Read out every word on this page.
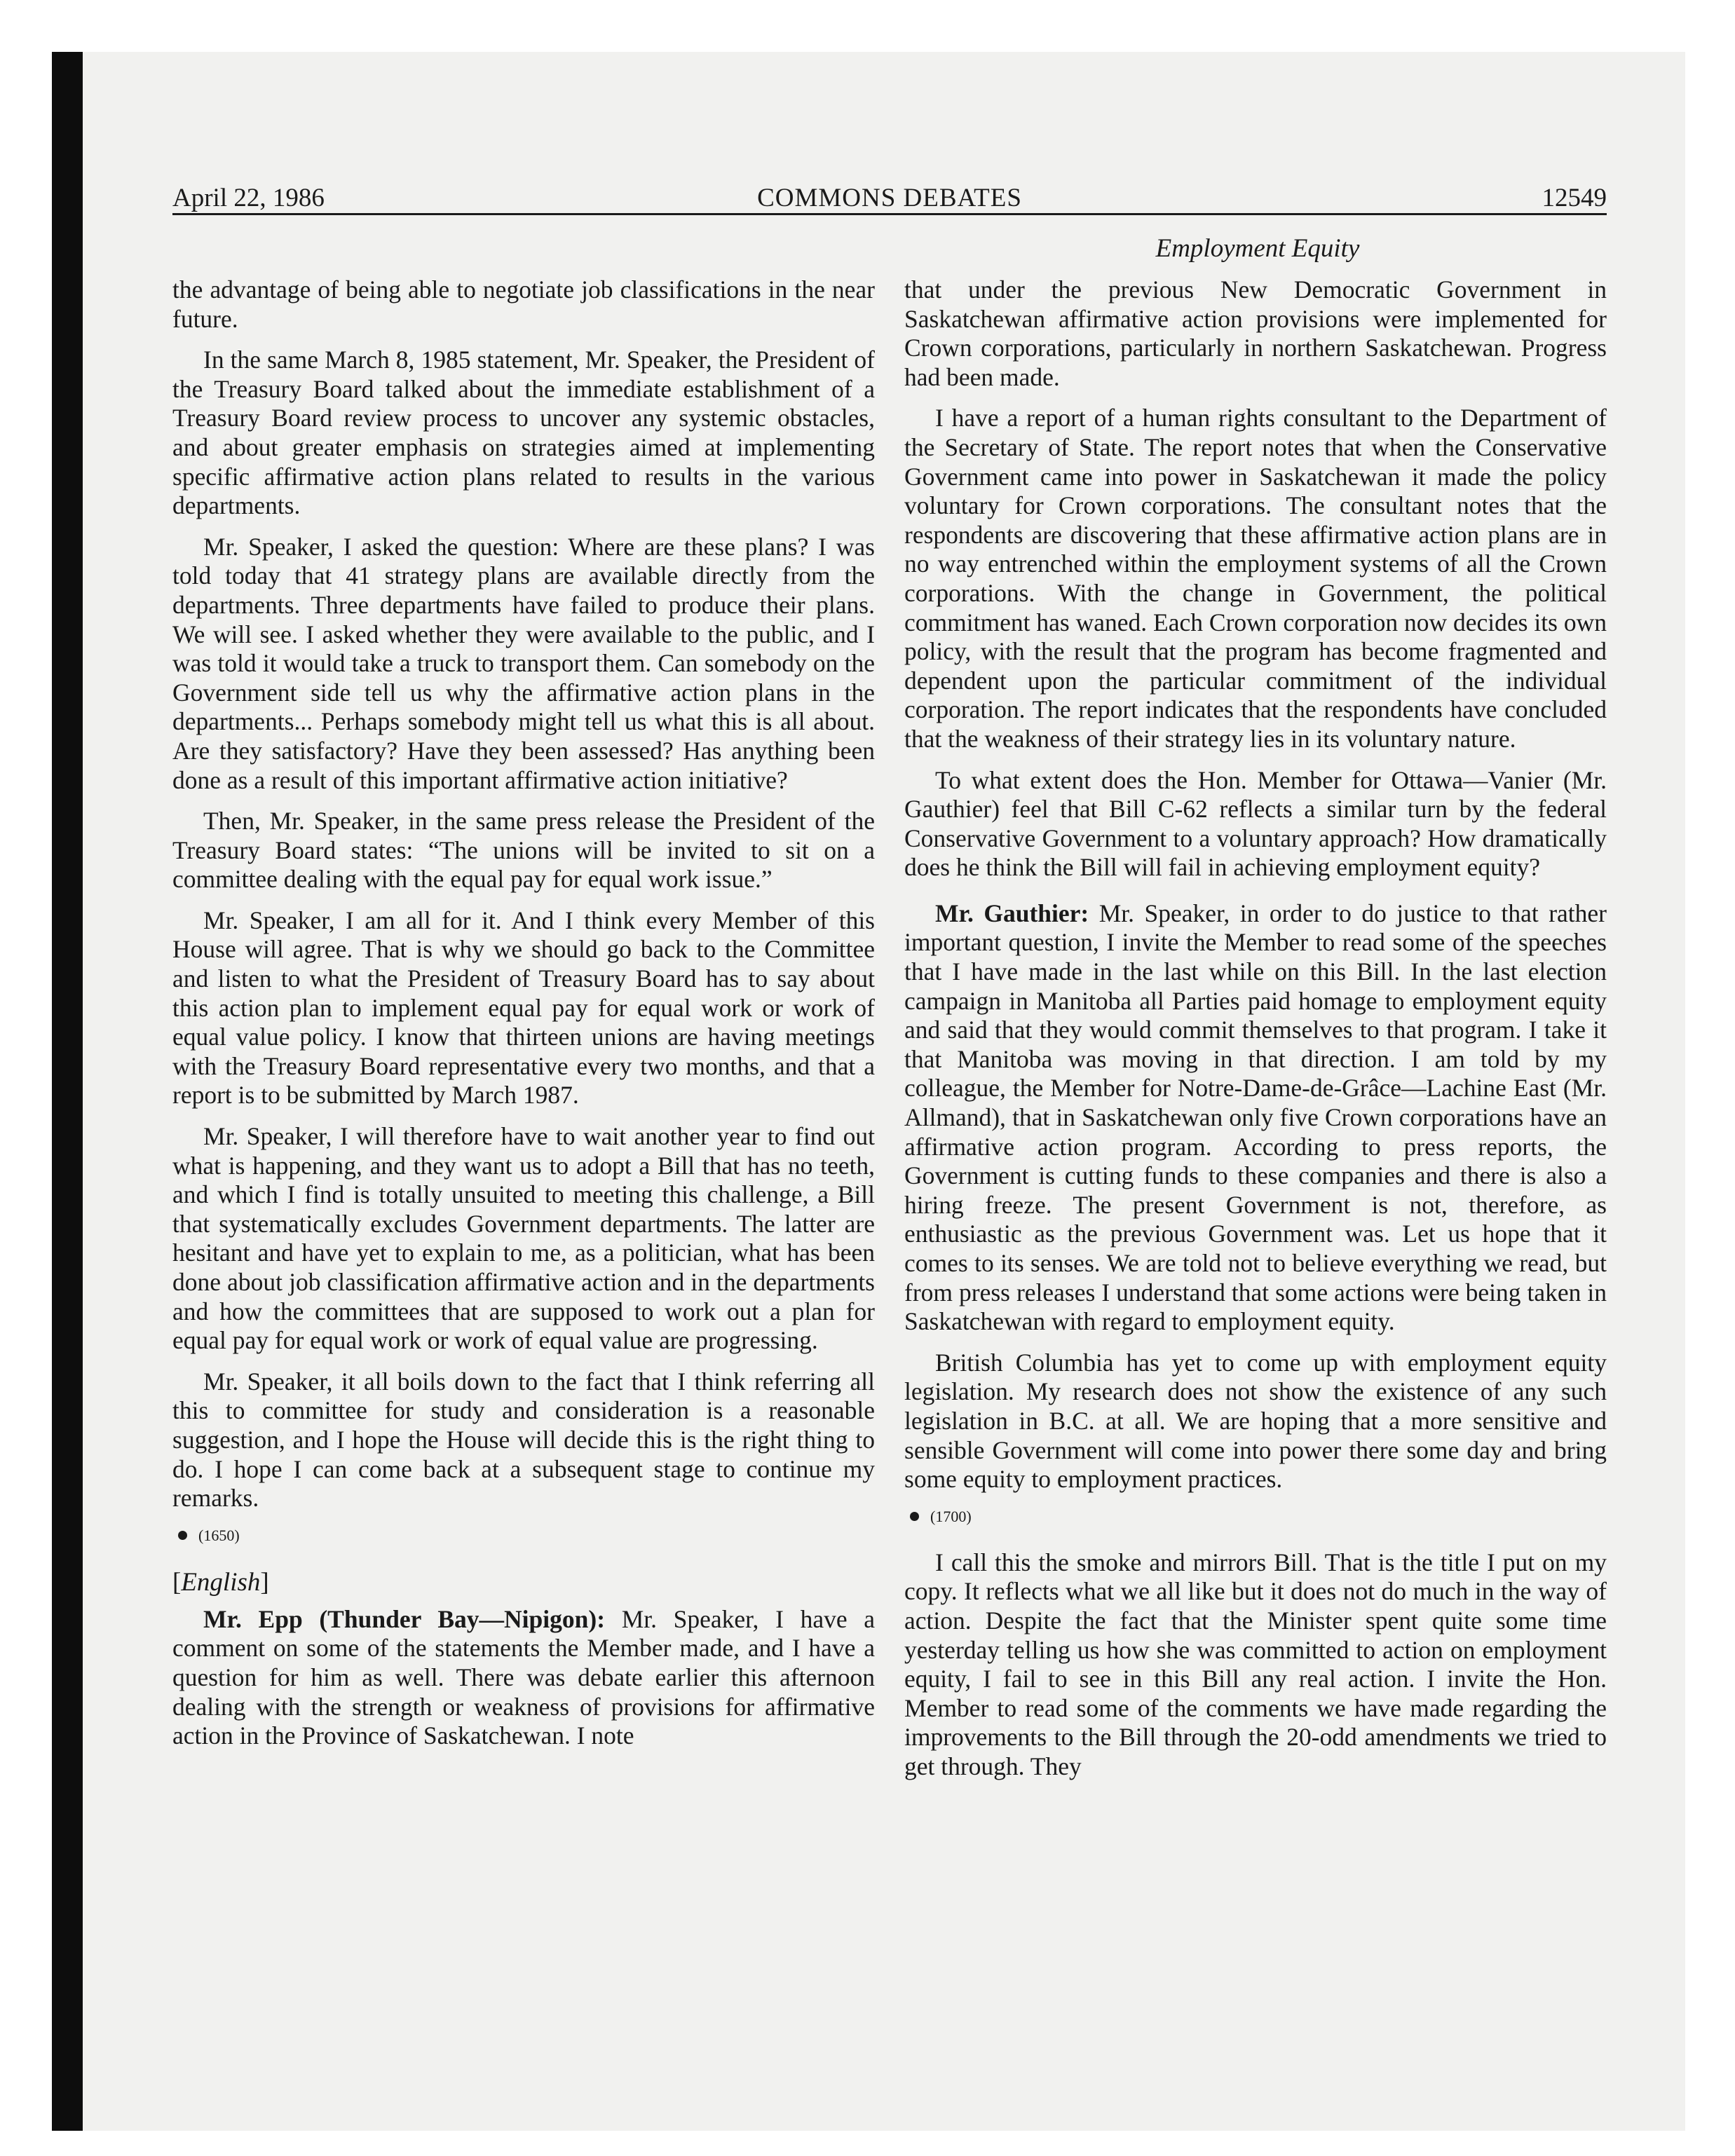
April 22, 1986	COMMONS DEBATES	12549
Employment Equity

the advantage of being able to negotiate job classifications in the near future.

In the same March 8, 1985 statement, Mr. Speaker, the President of the Treasury Board talked about the immediate establishment of a Treasury Board review process to uncover any systemic obstacles, and about greater emphasis on strategies aimed at implementing specific affirmative action plans related to results in the various departments.

Mr. Speaker, I asked the question: Where are these plans? I was told today that 41 strategy plans are available directly from the departments. Three departments have failed to produce their plans. We will see. I asked whether they were available to the public, and I was told it would take a truck to transport them. Can somebody on the Government side tell us why the affirmative action plans in the departments... Perhaps somebody might tell us what this is all about. Are they satisfactory? Have they been assessed? Has anything been done as a result of this important affirmative action initiative?

Then, Mr. Speaker, in the same press release the President of the Treasury Board states: “The unions will be invited to sit on a committee dealing with the equal pay for equal work issue.”

Mr. Speaker, I am all for it. And I think every Member of this House will agree. That is why we should go back to the Committee and listen to what the President of Treasury Board has to say about this action plan to implement equal pay for equal work or work of equal value policy. I know that thirteen unions are having meetings with the Treasury Board representative every two months, and that a report is to be submitted by March 1987.

Mr. Speaker, I will therefore have to wait another year to find out what is happening, and they want us to adopt a Bill that has no teeth, and which I find is totally unsuited to meeting this challenge, a Bill that systematically excludes Government departments. The latter are hesitant and have yet to explain to me, as a politician, what has been done about job classification affirmative action and in the departments and how the committees that are supposed to work out a plan for equal pay for equal work or work of equal value are progressing.

Mr. Speaker, it all boils down to the fact that I think referring all this to committee for study and consideration is a reasonable suggestion, and I hope the House will decide this is the right thing to do. I hope I can come back at a subsequent stage to continue my remarks.

(1650)
[English]

Mr. Epp (Thunder Bay—Nipigon): Mr. Speaker, I have a comment on some of the statements the Member made, and I have a question for him as well. There was debate earlier this afternoon dealing with the strength or weakness of provisions for affirmative action in the Province of Saskatchewan. I note

that under the previous New Democratic Government in Saskatchewan affirmative action provisions were implemented for Crown corporations, particularly in northern Saskatchewan. Progress had been made.

I have a report of a human rights consultant to the Department of the Secretary of State. The report notes that when the Conservative Government came into power in Saskatchewan it made the policy voluntary for Crown corporations. The consultant notes that the respondents are discovering that these affirmative action plans are in no way entrenched within the employment systems of all the Crown corporations. With the change in Government, the political commitment has waned. Each Crown corporation now decides its own policy, with the result that the program has become fragmented and dependent upon the particular commitment of the individual corporation. The report indicates that the respondents have concluded that the weakness of their strategy lies in its voluntary nature.

To what extent does the Hon. Member for Ottawa—Vanier (Mr. Gauthier) feel that Bill C-62 reflects a similar turn by the federal Conservative Government to a voluntary approach? How dramatically does he think the Bill will fail in achieving employment equity?

Mr. Gauthier: Mr. Speaker, in order to do justice to that rather important question, I invite the Member to read some of the speeches that I have made in the last while on this Bill. In the last election campaign in Manitoba all Parties paid homage to employment equity and said that they would commit themselves to that program. I take it that Manitoba was moving in that direction. I am told by my colleague, the Member for Notre-Dame-de-Grâce—Lachine East (Mr. Allmand), that in Saskatchewan only five Crown corporations have an affirmative action program. According to press reports, the Government is cutting funds to these companies and there is also a hiring freeze. The present Government is not, therefore, as enthusiastic as the previous Government was. Let us hope that it comes to its senses. We are told not to believe everything we read, but from press releases I understand that some actions were being taken in Saskatchewan with regard to employment equity.

British Columbia has yet to come up with employment equity legislation. My research does not show the existence of any such legislation in B.C. at all. We are hoping that a more sensitive and sensible Government will come into power there some day and bring some equity to employment practices.

(1700)

I call this the smoke and mirrors Bill. That is the title I put on my copy. It reflects what we all like but it does not do much in the way of action. Despite the fact that the Minister spent quite some time yesterday telling us how she was committed to action on employment equity, I fail to see in this Bill any real action. I invite the Hon. Member to read some of the comments we have made regarding the improvements to the Bill through the 20-odd amendments we tried to get through. They
